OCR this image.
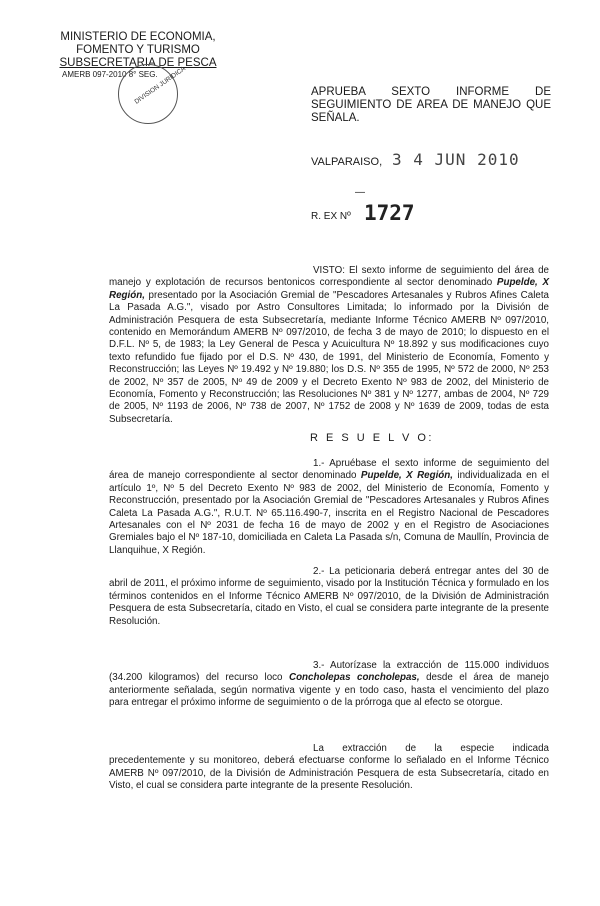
MINISTERIO DE ECONOMIA,
FOMENTO Y TURISMO
SUBSECRETARIA DE PESCA
AMERB 097-2010 8° SEG.
DIVISION JURIDICA	APRUEBA SEXTO INFORME DE
SEGUIMIENTO DE AREA DE MANEJO QUE
SEÑALA.
VALPARAISO, 3 4 JUN 2010
—
R. EX Nº 1727
VISTO: El sexto informe de seguimiento del área de manejo y explotación de recursos bentonicos correspondiente al sector denominado Pupelde, X Región, presentado por la Asociación Gremial de "Pescadores Artesanales y Rubros Afines Caleta La Pasada A.G.", visado por Astro Consultores Limitada; lo informado por la División de Administración Pesquera de esta Subsecretaría, mediante Informe Técnico AMERB Nº 097/2010, contenido en Memorándum AMERB Nº 097/2010, de fecha 3 de mayo de 2010; lo dispuesto en el D.F.L. Nº 5, de 1983; la Ley General de Pesca y Acuicultura Nº 18.892 y sus modificaciones cuyo texto refundido fue fijado por el D.S. Nº 430, de 1991, del Ministerio de Economía, Fomento y Reconstrucción; las Leyes Nº 19.492 y Nº 19.880; los D.S. Nº 355 de 1995, Nº 572 de 2000, Nº 253 de 2002, Nº 357 de 2005, Nº 49 de 2009 y el Decreto Exento Nº 983 de 2002, del Ministerio de Economía, Fomento y Reconstrucción; las Resoluciones Nº 381 y Nº 1277, ambas de 2004, Nº 729 de 2005, Nº 1193 de 2006, Nº 738 de 2007, Nº 1752 de 2008 y Nº 1639 de 2009, todas de esta Subsecretaría.
R E S U E L V O:
1.- Apruébase el sexto informe de seguimiento del área de manejo correspondiente al sector denominado Pupelde, X Región, individualizada en el artículo 1º, Nº 5 del Decreto Exento Nº 983 de 2002, del Ministerio de Economía, Fomento y Reconstrucción, presentado por la Asociación Gremial de "Pescadores Artesanales y Rubros Afines Caleta La Pasada A.G.", R.U.T. Nº 65.116.490-7, inscrita en el Registro Nacional de Pescadores Artesanales con el Nº 2031 de fecha 16 de mayo de 2002 y en el Registro de Asociaciones Gremiales bajo el Nº 187-10, domiciliada en Caleta La Pasada s/n, Comuna de Maullín, Provincia de Llanquihue, X Región.
2.- La peticionaria deberá entregar antes del 30 de abril de 2011, el próximo informe de seguimiento, visado por la Institución Técnica y formulado en los términos contenidos en el Informe Técnico AMERB Nº 097/2010, de la División de Administración Pesquera de esta Subsecretaría, citado en Visto, el cual se considera parte integrante de la presente Resolución.
3.- Autorízase la extracción de 115.000 individuos (34.200 kilogramos) del recurso loco Concholepas concholepas, desde el área de manejo anteriormente señalada, según normativa vigente y en todo caso, hasta el vencimiento del plazo para entregar el próximo informe de seguimiento o de la prórroga que al efecto se otorgue.
La extracción de la especie indicada precedentemente y su monitoreo, deberá efectuarse conforme lo señalado en el Informe Técnico AMERB Nº 097/2010, de la División de Administración Pesquera de esta Subsecretaría, citado en Visto, el cual se considera parte integrante de la presente Resolución.
